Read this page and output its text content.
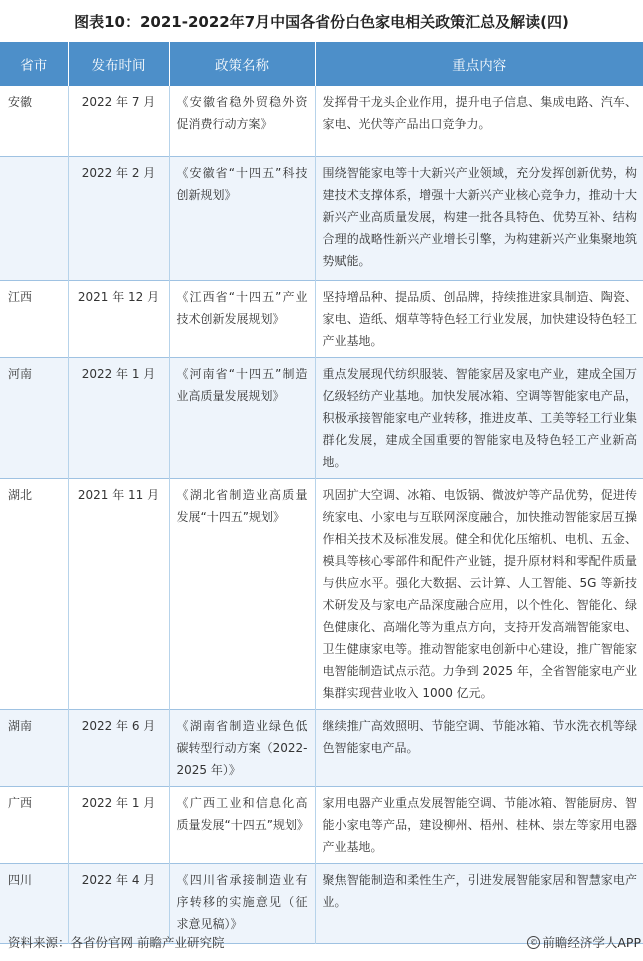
图表10：2021-2022年7月中国各省份白色家电相关政策汇总及解读(四)
省市	发布时间	政策名称	重点内容
安徽	2022 年 7 月	《安徽省稳外贸稳外资促消费行动方案》	发挥骨干龙头企业作用，提升电子信息、集成电路、汽车、家电、光伏等产品出口竞争力。
	2022 年 2 月	《安徽省“十四五”科技创新规划》	围绕智能家电等十大新兴产业领域，充分发挥创新优势，构建技术支撑体系，增强十大新兴产业核心竞争力，推动十大新兴产业高质量发展，构建一批各具特色、优势互补、结构合理的战略性新兴产业增长引擎，为构建新兴产业集聚地筑势赋能。
江西	2021 年 12 月	《江西省“十四五”产业技术创新发展规划》	坚持增品种、提品质、创品牌，持续推进家具制造、陶瓷、家电、造纸、烟草等特色轻工行业发展，加快建设特色轻工产业基地。
河南	2022 年 1 月	《河南省“十四五”制造业高质量发展规划》	重点发展现代纺织服装、智能家居及家电产业，建成全国万亿级轻纺产业基地。加快发展冰箱、空调等智能家电产品，积极承接智能家电产业转移，推进皮革、工美等轻工行业集群化发展，建成全国重要的智能家电及特色轻工产业新高地。
湖北	2021 年 11 月	《湖北省制造业高质量发展“十四五”规划》	巩固扩大空调、冰箱、电饭锅、微波炉等产品优势，促进传统家电、小家电与互联网深度融合，加快推动智能家居互操作相关技术及标准发展。健全和优化压缩机、电机、五金、模具等核心零部件和配件产业链，提升原材料和零配件质量与供应水平。强化大数据、云计算、人工智能、5G 等新技术研发及与家电产品深度融合应用，以个性化、智能化、绿色健康化、高端化等为重点方向，支持开发高端智能家电、卫生健康家电等。推动智能家电创新中心建设，推广智能家电智能制造试点示范。力争到 2025 年，全省智能家电产业集群实现营业收入 1000 亿元。
湖南	2022 年 6 月	《湖南省制造业绿色低碳转型行动方案（2022-2025 年）》	继续推广高效照明、节能空调、节能冰箱、节水洗衣机等绿色智能家电产品。
广西	2022 年 1 月	《广西工业和信息化高质量发展“十四五”规划》	家用电器产业重点发展智能空调、节能冰箱、智能厨房、智能小家电等产品，建设柳州、梧州、桂林、崇左等家用电器产业基地。
四川	2022 年 4 月	《四川省承接制造业有序转移的实施意见（征求意见稿）》	聚焦智能制造和柔性生产，引进发展智能家居和智慧家电产业。
资料来源：各省份官网 前瞻产业研究院	© 前瞻经济学人APP
